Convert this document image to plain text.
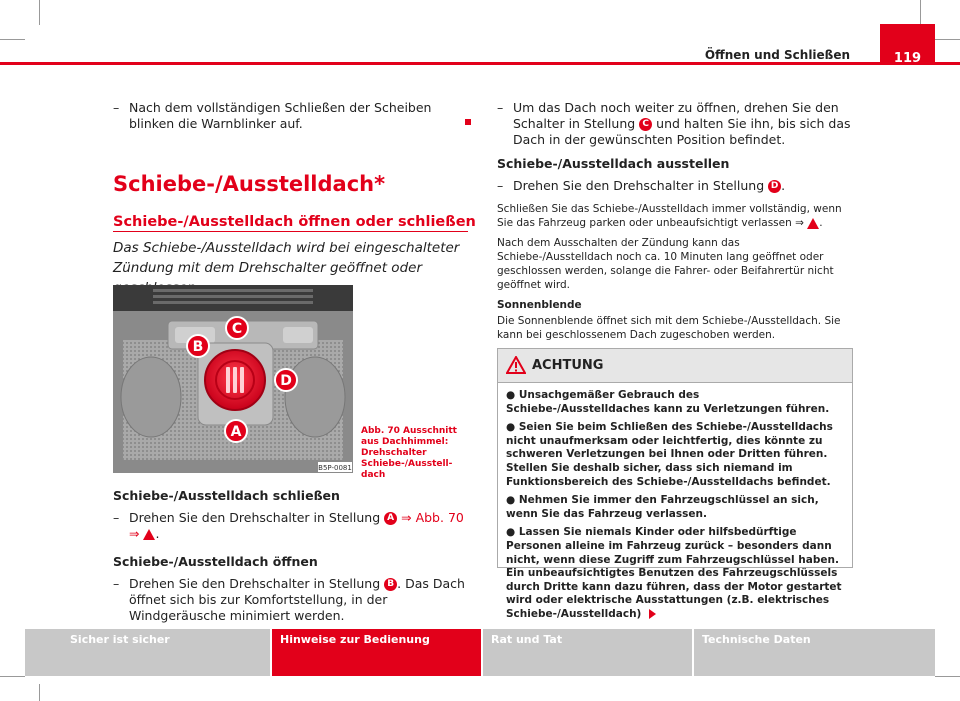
Öffnen und Schließen	119
– Nach dem vollständigen Schließen der Scheiben blinken die Warnblinker auf.
Schiebe-/Ausstelldach*
Schiebe-/Ausstelldach öffnen oder schließen
Das Schiebe-/Ausstelldach wird bei eingeschalteter Zündung mit dem Drehschalter geöffnet oder
B
C
D
A
B5P-0081
Abb. 70 Ausschnitt aus Dachhimmel: Drehschalter Schiebe-/Ausstelldach
Schiebe-/Ausstelldach schließen
– Drehen Sie den Drehschalter in Stellung A ⇒ Abb. 70 ⇒ .
Schiebe-/Ausstelldach öffnen
– Drehen Sie den Drehschalter in Stellung B . Das Dach öffnet sich bis zur Komfortstellung, in der Windgeräusche minimiert werden.
– Um das Dach noch weiter zu öffnen, drehen Sie den Schalter in Stellung C und halten Sie ihn, bis sich das Dach in der gewünschten Position befindet.
Schiebe-/Ausstelldach ausstellen
– Drehen Sie den Drehschalter in Stellung D .
Schließen Sie das Schiebe-/Ausstelldach immer vollständig, wenn Sie das Fahrzeug parken oder unbeaufsichtigt verlassen ⇒ .
Nach dem Ausschalten der Zündung kann das Schiebe-/Ausstelldach noch ca. 10 Minuten lang geöffnet oder geschlossen werden, solange die Fahrer- oder Beifahrertür nicht geöffnet wird.
Sonnenblende
Die Sonnenblende öffnet sich mit dem Schiebe-/Ausstelldach. Sie kann bei geschlossenem Dach zugeschoben werden.
ACHTUNG

● Unsachgemäßer Gebrauch des Schiebe-/Ausstelldaches kann zu Verletzungen führen.

● Seien Sie beim Schließen des Schiebe-/Ausstelldachs nicht unaufmerksam oder leichtfertig, dies könnte zu schweren Verletzungen bei Ihnen oder Dritten führen. Stellen Sie deshalb sicher, dass sich niemand im Funktionsbereich des Schiebe-/Ausstelldachs befindet.

● Nehmen Sie immer den Fahrzeugschlüssel an sich, wenn Sie das Fahrzeug verlassen.

● Lassen Sie niemals Kinder oder hilfsbedürftige Personen alleine im Fahrzeug zurück – besonders dann nicht, wenn diese Zugriff zum Fahrzeugschlüssel haben. Ein unbeaufsichtigtes Benutzen des Fahrzeugschlüssels durch Dritte kann dazu führen, dass der Motor gestartet wird oder elektrische Ausstattungen (z.B. elektrisches Schiebe-/Ausstelldach)

Sicher ist sicher	Hinweise zur Bedienung	Rat und Tat	Technische Daten
